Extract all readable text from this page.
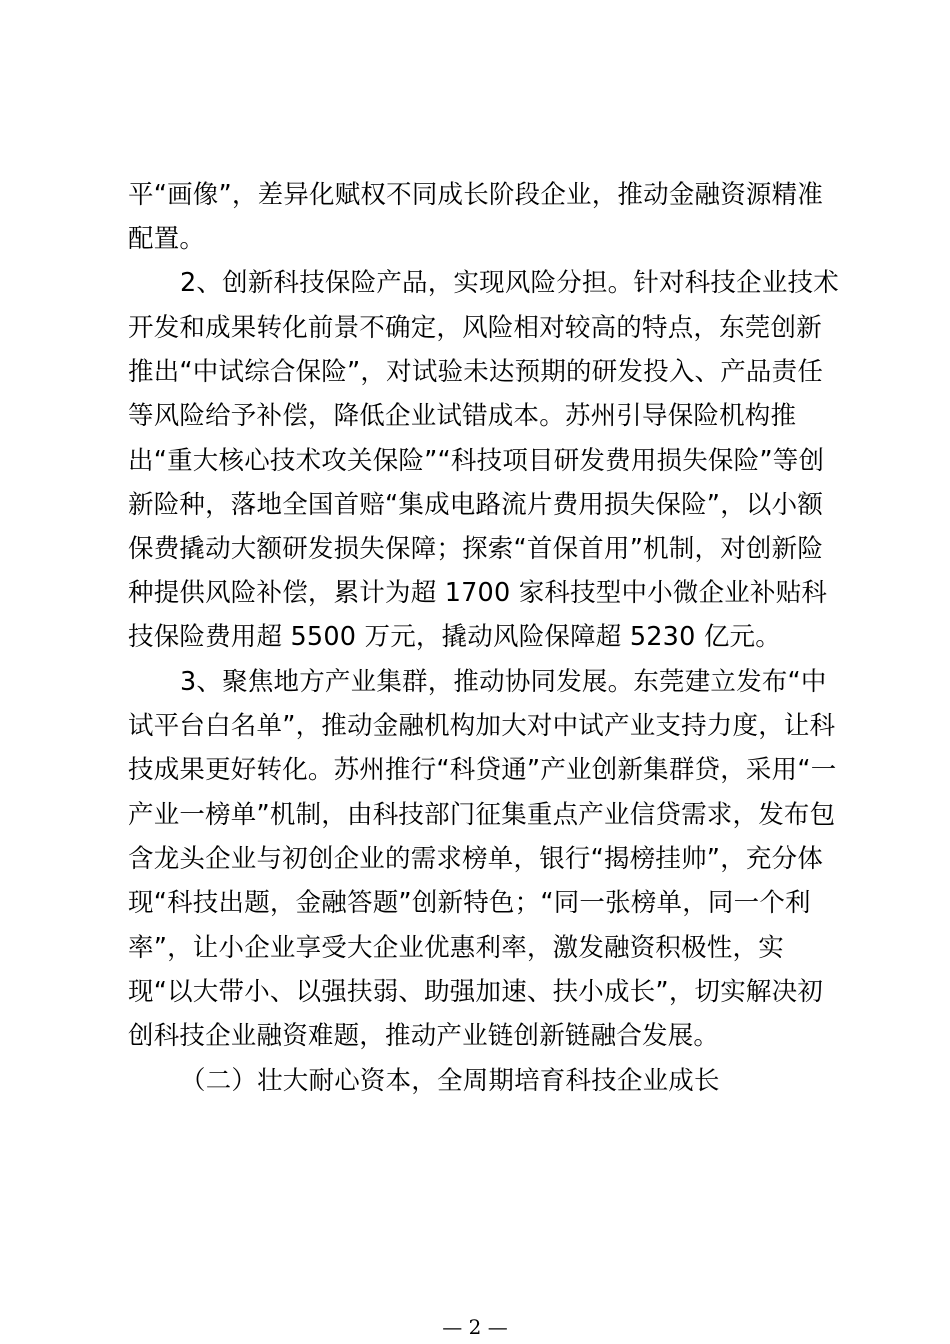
平“画像”，差异化赋权不同成长阶段企业，推动金融资源精准
配置。
2、创新科技保险产品，实现风险分担。针对科技企业技术
开发和成果转化前景不确定，风险相对较高的特点，东莞创新
推出“中试综合保险”，对试验未达预期的研发投入、产品责任
等风险给予补偿，降低企业试错成本。苏州引导保险机构推
出“重大核心技术攻关保险”“科技项目研发费用损失保险”等创
新险种，落地全国首赔“集成电路流片费用损失保险”，以小额
保费撬动大额研发损失保障；探索“首保首用”机制，对创新险
种提供风险补偿，累计为超 1700 家科技型中小微企业补贴科
技保险费用超 5500 万元，撬动风险保障超 5230 亿元。
3、聚焦地方产业集群，推动协同发展。东莞建立发布“中
试平台白名单”，推动金融机构加大对中试产业支持力度，让科
技成果更好转化。苏州推行“科贷通”产业创新集群贷，采用“一
产业一榜单”机制，由科技部门征集重点产业信贷需求，发布包
含龙头企业与初创企业的需求榜单，银行“揭榜挂帅”，充分体
现“科技出题，金融答题”创新特色；“同一张榜单，同一个利
率”，让小企业享受大企业优惠利率，激发融资积极性，实
现“以大带小、以强扶弱、助强加速、扶小成长”，切实解决初
创科技企业融资难题，推动产业链创新链融合发展。
（二）壮大耐心资本，全周期培育科技企业成长
— 2 —
